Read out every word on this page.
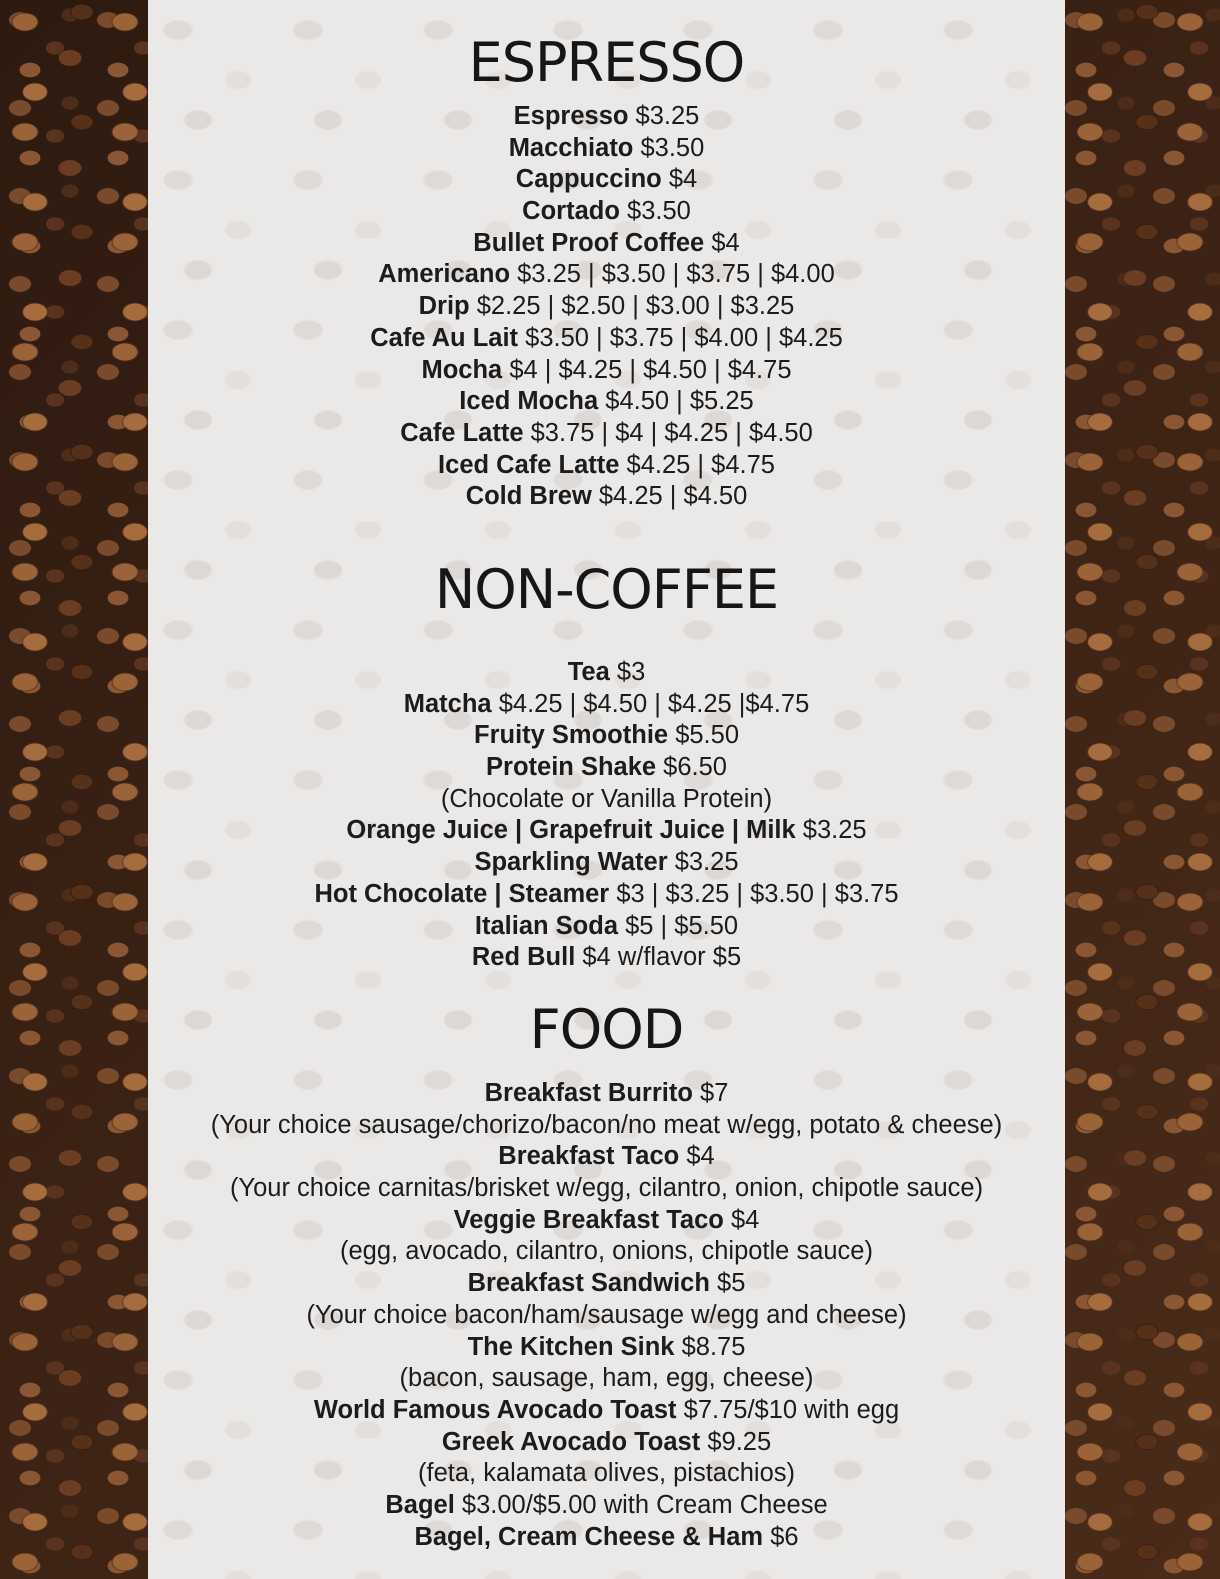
ESPRESSO
Espresso $3.25
Macchiato $3.50
Cappuccino $4
Cortado $3.50
Bullet Proof Coffee $4
Americano $3.25 | $3.50 | $3.75 | $4.00
Drip $2.25 | $2.50 | $3.00 | $3.25
Cafe Au Lait $3.50 | $3.75 | $4.00 | $4.25
Mocha $4 | $4.25 | $4.50 | $4.75
Iced Mocha $4.50 | $5.25
Cafe Latte $3.75 | $4 | $4.25 | $4.50
Iced Cafe Latte $4.25 | $4.75
Cold Brew $4.25 | $4.50
NON-COFFEE
Tea $3
Matcha $4.25 | $4.50 | $4.25 |$4.75
Fruity Smoothie $5.50
Protein Shake $6.50
(Chocolate or Vanilla Protein)
Orange Juice | Grapefruit Juice | Milk $3.25
Sparkling Water $3.25
Hot Chocolate | Steamer $3 | $3.25 | $3.50 | $3.75
Italian Soda $5 | $5.50
Red Bull $4 w/flavor $5
FOOD
Breakfast Burrito $7
(Your choice sausage/chorizo/bacon/no meat w/egg, potato & cheese)
Breakfast Taco $4
(Your choice carnitas/brisket w/egg, cilantro, onion, chipotle sauce)
Veggie Breakfast Taco $4
(egg, avocado, cilantro, onions, chipotle sauce)
Breakfast Sandwich $5
(Your choice bacon/ham/sausage w/egg and cheese)
The Kitchen Sink $8.75
(bacon, sausage, ham, egg, cheese)
World Famous Avocado Toast $7.75/$10 with egg
Greek Avocado Toast $9.25
(feta, kalamata olives, pistachios)
Bagel $3.00/$5.00 with Cream Cheese
Bagel, Cream Cheese & Ham $6
